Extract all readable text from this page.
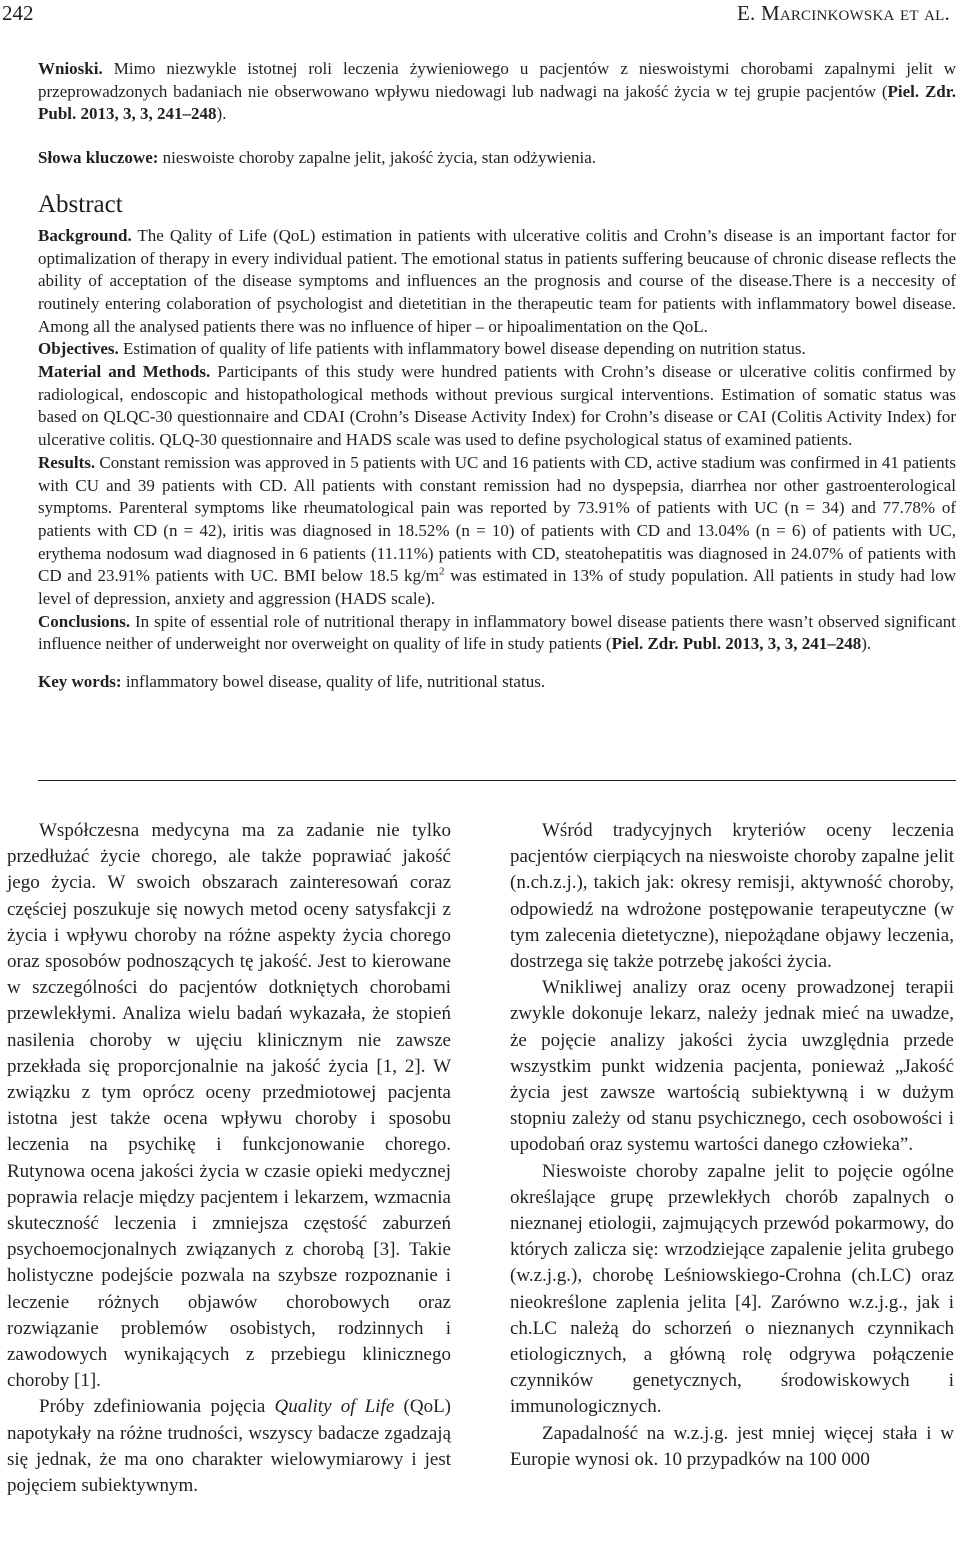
242	E. Marcinkowska et al.

Wnioski. Mimo niezwykle istotnej roli leczenia żywieniowego u pacjentów z nieswoistymi chorobami zapalnymi jelit w przeprowadzonych badaniach nie obserwowano wpływu niedowagi lub nadwagi na jakość życia w tej grupie pacjentów (Piel. Zdr. Publ. 2013, 3, 3, 241–248).

Słowa kluczowe: nieswoiste choroby zapalne jelit, jakość życia, stan odżywienia.

Abstract

Background. The Qality of Life (QoL) estimation in patients with ulcerative colitis and Crohn’s disease is an important factor for optimalization of therapy in every individual patient. The emotional status in patients suffering beucause of chronic disease reflects the ability of acceptation of the disease symptoms and influences an the prognosis and course of the disease.There is a neccesity of routinely entering colaboration of psychologist and dietetitian in the therapeutic team for patients with inflammatory bowel disease. Among all the analysed patients there was no influence of hiper – or hipoalimentation on the QoL.

Objectives. Estimation of quality of life patients with inflammatory bowel disease depending on nutrition status.

Material and Methods. Participants of this study were hundred patients with Crohn’s disease or ulcerative colitis confirmed by radiological, endoscopic and histopathological methods without previous surgical interventions. Estimation of somatic status was based on QLQC-30 questionnaire and CDAI (Crohn’s Disease Activity Index) for Crohn’s disease or CAI (Colitis Activity Index) for ulcerative colitis. QLQ-30 questionnaire and HADS scale was used to define psychological status of examined patients.

Results. Constant remission was approved in 5 patients with UC and 16 patients with CD, active stadium was confirmed in 41 patients with CU and 39 patients with CD. All patients with constant remission had no dyspepsia, diarrhea nor other gastroenterological symptoms. Parenteral symptoms like rheumatological pain was reported by 73.91% of patients with UC (n = 34) and 77.78% of patients with CD (n = 42), iritis was diagnosed in 18.52% (n = 10) of patients with CD and 13.04% (n = 6) of patients with UC, erythema nodosum wad diagnosed in 6 patients (11.11%) patients with CD, steatohepatitis was diagnosed in 24.07% of patients with CD and 23.91% patients with UC. BMI below 18.5 $kg/m^2$ was estimated in 13% of study population. All patients in study had low level of depression, anxiety and aggression (HADS scale).

Conclusions. In spite of essential role of nutritional therapy in inflammatory bowel disease patients there wasn’t observed significant influence neither of underweight nor overweight on quality of life in study patients (Piel. Zdr. Publ. 2013, 3, 3, 241–248).

Key words: inflammatory bowel disease, quality of life, nutritional status.

Współczesna medycyna ma za zadanie nie tylko przedłużać życie chorego, ale także poprawiać jakość jego życia. W swoich obszarach zainteresowań coraz częściej poszukuje się nowych metod oceny satysfakcji z życia i wpływu choroby na różne aspekty życia chorego oraz sposobów podnoszących tę jakość. Jest to kierowane w szczególności do pacjentów dotkniętych chorobami przewlekłymi. Analiza wielu badań wykazała, że stopień nasilenia choroby w ujęciu klinicznym nie zawsze przekłada się proporcjonalnie na jakość życia [1, 2]. W związku z tym oprócz oceny przedmiotowej pacjenta istotna jest także ocena wpływu choroby i sposobu leczenia na psychikę i funkcjonowanie chorego. Rutynowa ocena jakości życia w czasie opieki medycznej poprawia relacje między pacjentem i lekarzem, wzmacnia skuteczność leczenia i zmniejsza częstość zaburzeń psychoemocjonalnych związanych z chorobą [3]. Takie holistyczne podejście pozwala na szybsze rozpoznanie i leczenie różnych objawów chorobowych oraz rozwiązanie problemów osobistych, rodzinnych i zawodowych wynikających z przebiegu klinicznego choroby [1].

Próby zdefiniowania pojęcia Quality of Life (QoL) napotykały na różne trudności, wszyscy badacze zgadzają się jednak, że ma ono charakter wielowymiarowy i jest pojęciem subiektywnym.

Wśród tradycyjnych kryteriów oceny leczenia pacjentów cierpiących na nieswoiste choroby zapalne jelit (n.ch.z.j.), takich jak: okresy remisji, aktywność choroby, odpowiedź na wdrożone postępowanie terapeutyczne (w tym zalecenia dietetyczne), niepożądane objawy leczenia, dostrzega się także potrzebę jakości życia.

Wnikliwej analizy oraz oceny prowadzonej terapii zwykle dokonuje lekarz, należy jednak mieć na uwadze, że pojęcie analizy jakości życia uwzględnia przede wszystkim punkt widzenia pacjenta, ponieważ „Jakość życia jest zawsze wartością subiektywną i w dużym stopniu zależy od stanu psychicznego, cech osobowości i upodobań oraz systemu wartości danego człowieka”.

Nieswoiste choroby zapalne jelit to pojęcie ogólne określające grupę przewlekłych chorób zapalnych o nieznanej etiologii, zajmujących przewód pokarmowy, do których zalicza się: wrzodziejące zapalenie jelita grubego (w.z.j.g.), chorobę Leśniowskiego-Crohna (ch.LC) oraz nieokreślone zaplenia jelita [4]. Zarówno w.z.j.g., jak i ch.LC należą do schorzeń o nieznanych czynnikach etiologicznych, a główną rolę odgrywa połączenie czynników genetycznych, środowiskowych i immunologicznych.

Zapadalność na w.z.j.g. jest mniej więcej stała i w Europie wynosi ok. 10 przypadków na 100 000
